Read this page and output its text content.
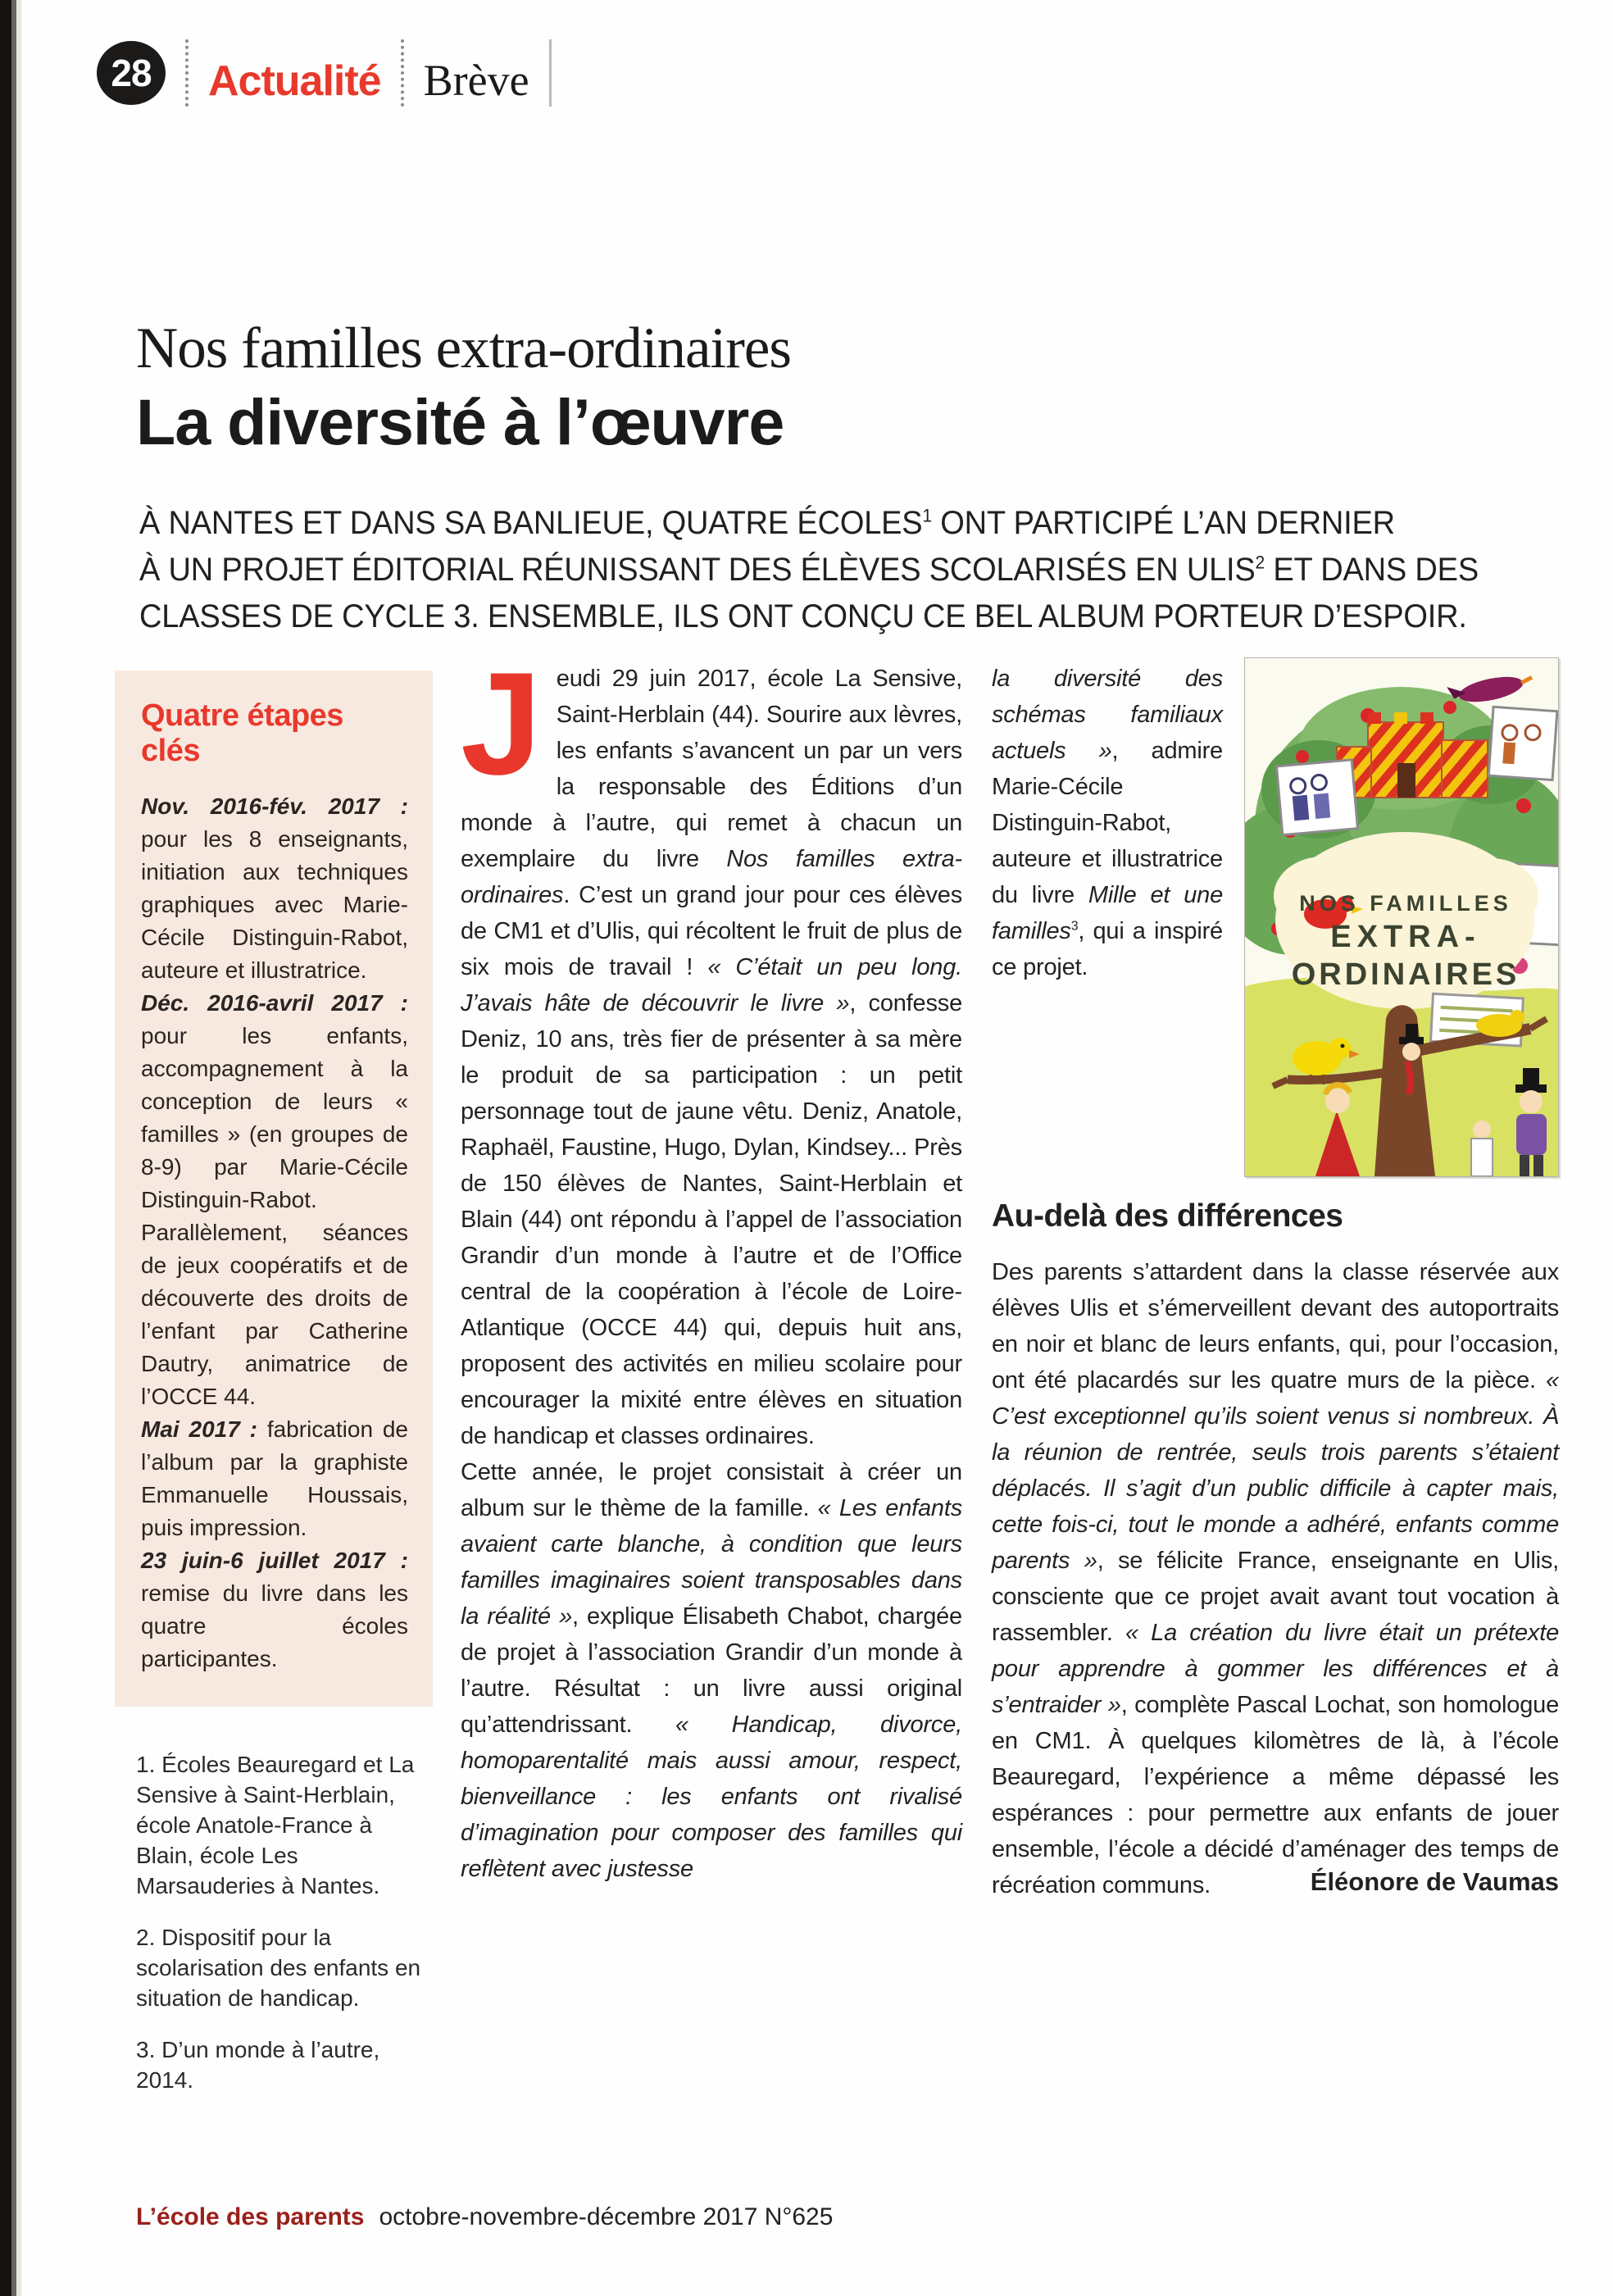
28 Actualité Brève
Nos familles extra-ordinaires
La diversité à l’œuvre
À NANTES ET DANS SA BANLIEUE, QUATRE ÉCOLES$^1$ ONT PARTICIPÉ L’AN DERNIER
À UN PROJET ÉDITORIAL RÉUNISSANT DES ÉLÈVES SCOLARISÉS EN ULIS$^2$ ET DANS DES
CLASSES DE CYCLE 3. ENSEMBLE, ILS ONT CONÇU CE BEL ALBUM PORTEUR D’ESPOIR.
Quatre étapes clés

Nov. 2016-fév. 2017 : pour les 8 enseignants, initiation aux techniques graphiques avec Marie-Cécile Distinguin-Rabot, auteure et illustratrice.

Déc. 2016-avril 2017 : pour les enfants, accompagnement à la conception de leurs « familles » (en groupes de 8-9) par Marie-Cécile Distinguin-Rabot. Parallèlement, séances de jeux coopératifs et de découverte des droits de l’enfant par Catherine Dautry, animatrice de l’OCCE 44.

Mai 2017 : fabrication de l’album par la graphiste Emmanuelle Houssais, puis impression.

23 juin-6 juillet 2017 : remise du livre dans les quatre écoles participantes.

1. Écoles Beauregard et La Sensive à Saint-Herblain, école Anatole-France à Blain, école Les Marsauderies à Nantes.

2. Dispositif pour la scolarisation des enfants en situation de handicap.

3. D’un monde à l’autre, 2014.

Jeudi 29 juin 2017, école La Sensive, Saint-Herblain (44). Sourire aux lèvres, les enfants s’avancent un par un vers la responsable des Éditions d’un monde à l’autre, qui remet à chacun un exemplaire du livre Nos familles extra-ordinaires. C’est un grand jour pour ces élèves de CM1 et d’Ulis, qui récoltent le fruit de plus de six mois de travail ! « C’était un peu long. J’avais hâte de découvrir le livre », confesse Deniz, 10 ans, très fier de présenter à sa mère le produit de sa participation : un petit personnage tout de jaune vêtu. Deniz, Anatole, Raphaël, Faustine, Hugo, Dylan, Kindsey... Près de 150 élèves de Nantes, Saint-Herblain et Blain (44) ont répondu à l’appel de l’association Grandir d’un monde à l’autre et de l’Office central de la coopération à l’école de Loire-Atlantique (OCCE 44) qui, depuis huit ans, proposent des activités en milieu scolaire pour encourager la mixité entre élèves en situation de handicap et classes ordinaires.

Cette année, le projet consistait à créer un album sur le thème de la famille. « Les enfants avaient carte blanche, à condition que leurs familles imaginaires soient transposables dans la réalité », explique Élisabeth Chabot, chargée de projet à l’association Grandir d’un monde à l’autre. Résultat : un livre aussi original qu’attendrissant. « Handicap, divorce, homoparentalité mais aussi amour, respect, bienveillance : les enfants ont rivalisé d’imagination pour composer des familles qui reflètent avec justesse

NOS FAMILLES
EXTRA-
ORDINAIRES

la diversité des schémas familiaux actuels », admire Marie-Cécile Distinguin-Rabot, auteure et illustratrice du livre Mille et une familles$^3$, qui a inspiré ce projet.

Au-delà des différences

Des parents s’attardent dans la classe réservée aux élèves Ulis et s’émerveillent devant des autoportraits en noir et blanc de leurs enfants, qui, pour l’occasion, ont été placardés sur les quatre murs de la pièce. « C’est exceptionnel qu’ils soient venus si nombreux. À la réunion de rentrée, seuls trois parents s’étaient déplacés. Il s’agit d’un public difficile à capter mais, cette fois-ci, tout le monde a adhéré, enfants comme parents », se félicite France, enseignante en Ulis, consciente que ce projet avait avant tout vocation à rassembler. « La création du livre était un prétexte pour apprendre à gommer les différences et à s’entraider », complète Pascal Lochat, son homologue en CM1. À quelques kilomètres de là, à l’école Beauregard, l’expérience a même dépassé les espérances : pour permettre aux enfants de jouer ensemble, l’école a décidé d’aménager des temps de récréation communs.	Éléonore de Vaumas
L’école des parents octobre-novembre-décembre 2017 N°625
